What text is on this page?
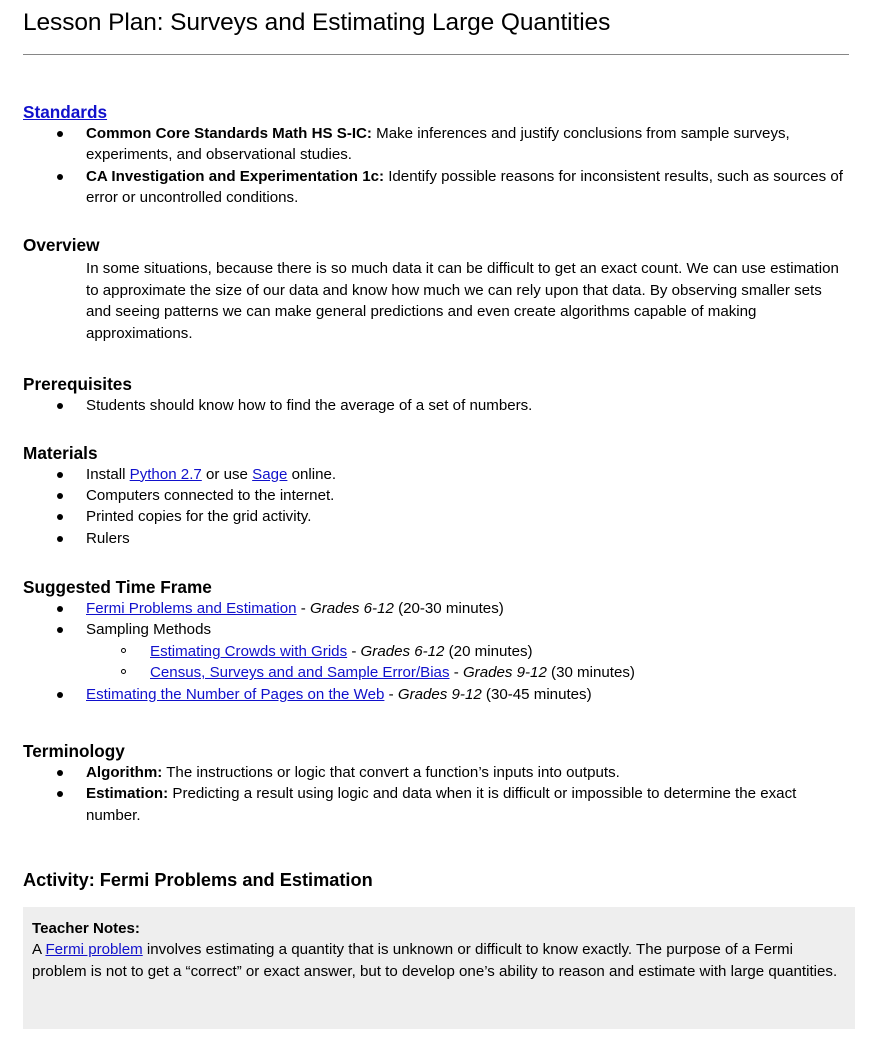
Lesson Plan: Surveys and Estimating Large Quantities
Standards
Common Core Standards Math HS S-IC: Make inferences and justify conclusions from sample surveys, experiments, and observational studies.
CA Investigation and Experimentation 1c: Identify possible reasons for inconsistent results, such as sources of error or uncontrolled conditions.
Overview

In some situations, because there is so much data it can be difficult to get an exact count. We can use estimation to approximate the size of our data and know how much we can rely upon that data. By observing smaller sets and seeing patterns we can make general predictions and even create algorithms capable of making approximations.

Prerequisites
Students should know how to find the average of a set of numbers.
Materials
Install Python 2.7 or use Sage online.
Computers connected to the internet.
Printed copies for the grid activity.
Rulers
Suggested Time Frame
Fermi Problems and Estimation - Grades 6-12 (20-30 minutes)
Sampling Methods
Estimating Crowds with Grids - Grades 6-12 (20 minutes)
Census, Surveys and and Sample Error/Bias - Grades 9-12 (30 minutes)
Estimating the Number of Pages on the Web - Grades 9-12 (30-45 minutes)
Terminology
Algorithm: The instructions or logic that convert a function’s inputs into outputs.
Estimation: Predicting a result using logic and data when it is difficult or impossible to determine the exact number.
Activity: Fermi Problems and Estimation
Teacher Notes:

A Fermi problem involves estimating a quantity that is unknown or difficult to know exactly. The purpose of a Fermi problem is not to get a “correct” or exact answer, but to develop one’s ability to reason and estimate with large quantities.
